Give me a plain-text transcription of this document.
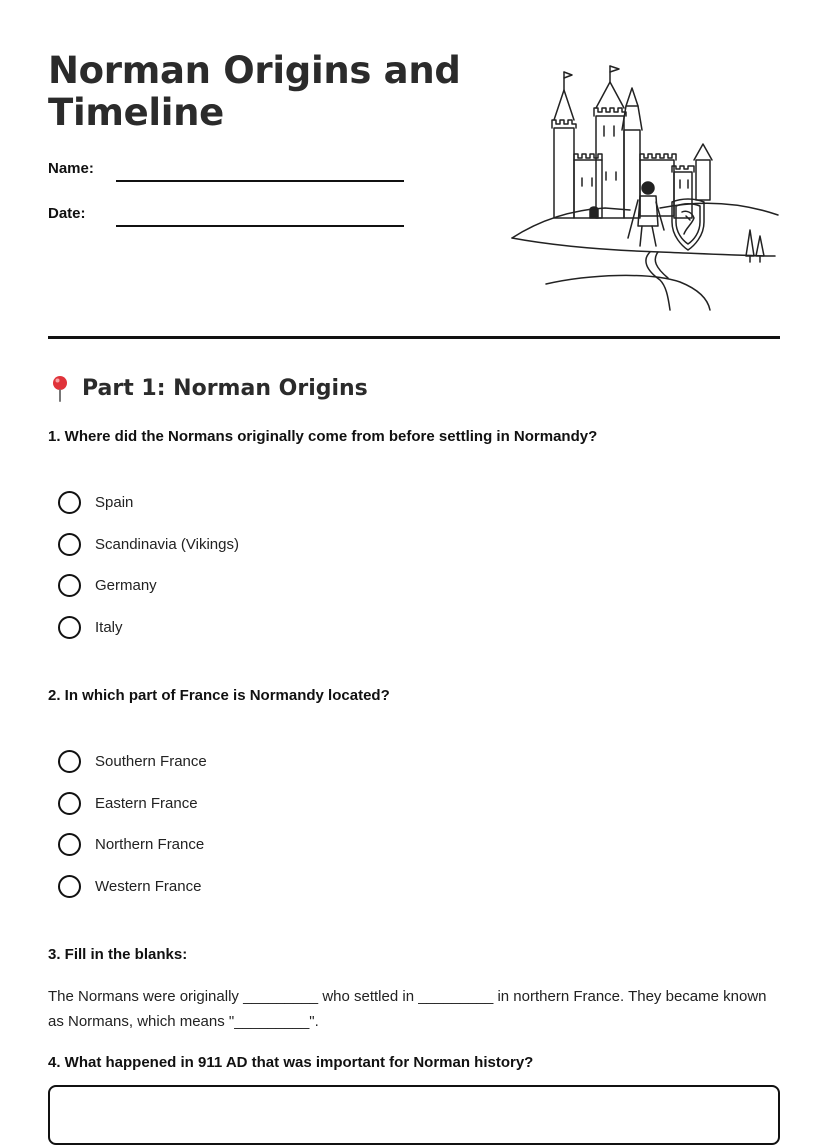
Norman Origins and Timeline
Name:
Date:
Part 1: Norman Origins

1. Where did the Normans originally come from before settling in Normandy?

Spain
Scandinavia (Vikings)
Germany
Italy

2. In which part of France is Normandy located?

Southern France
Eastern France
Northern France
Western France

3. Fill in the blanks:

The Normans were originally _________ who settled in _________ in northern France. They became known as Normans, which means "_________".

4. What happened in 911 AD that was important for Norman history?
